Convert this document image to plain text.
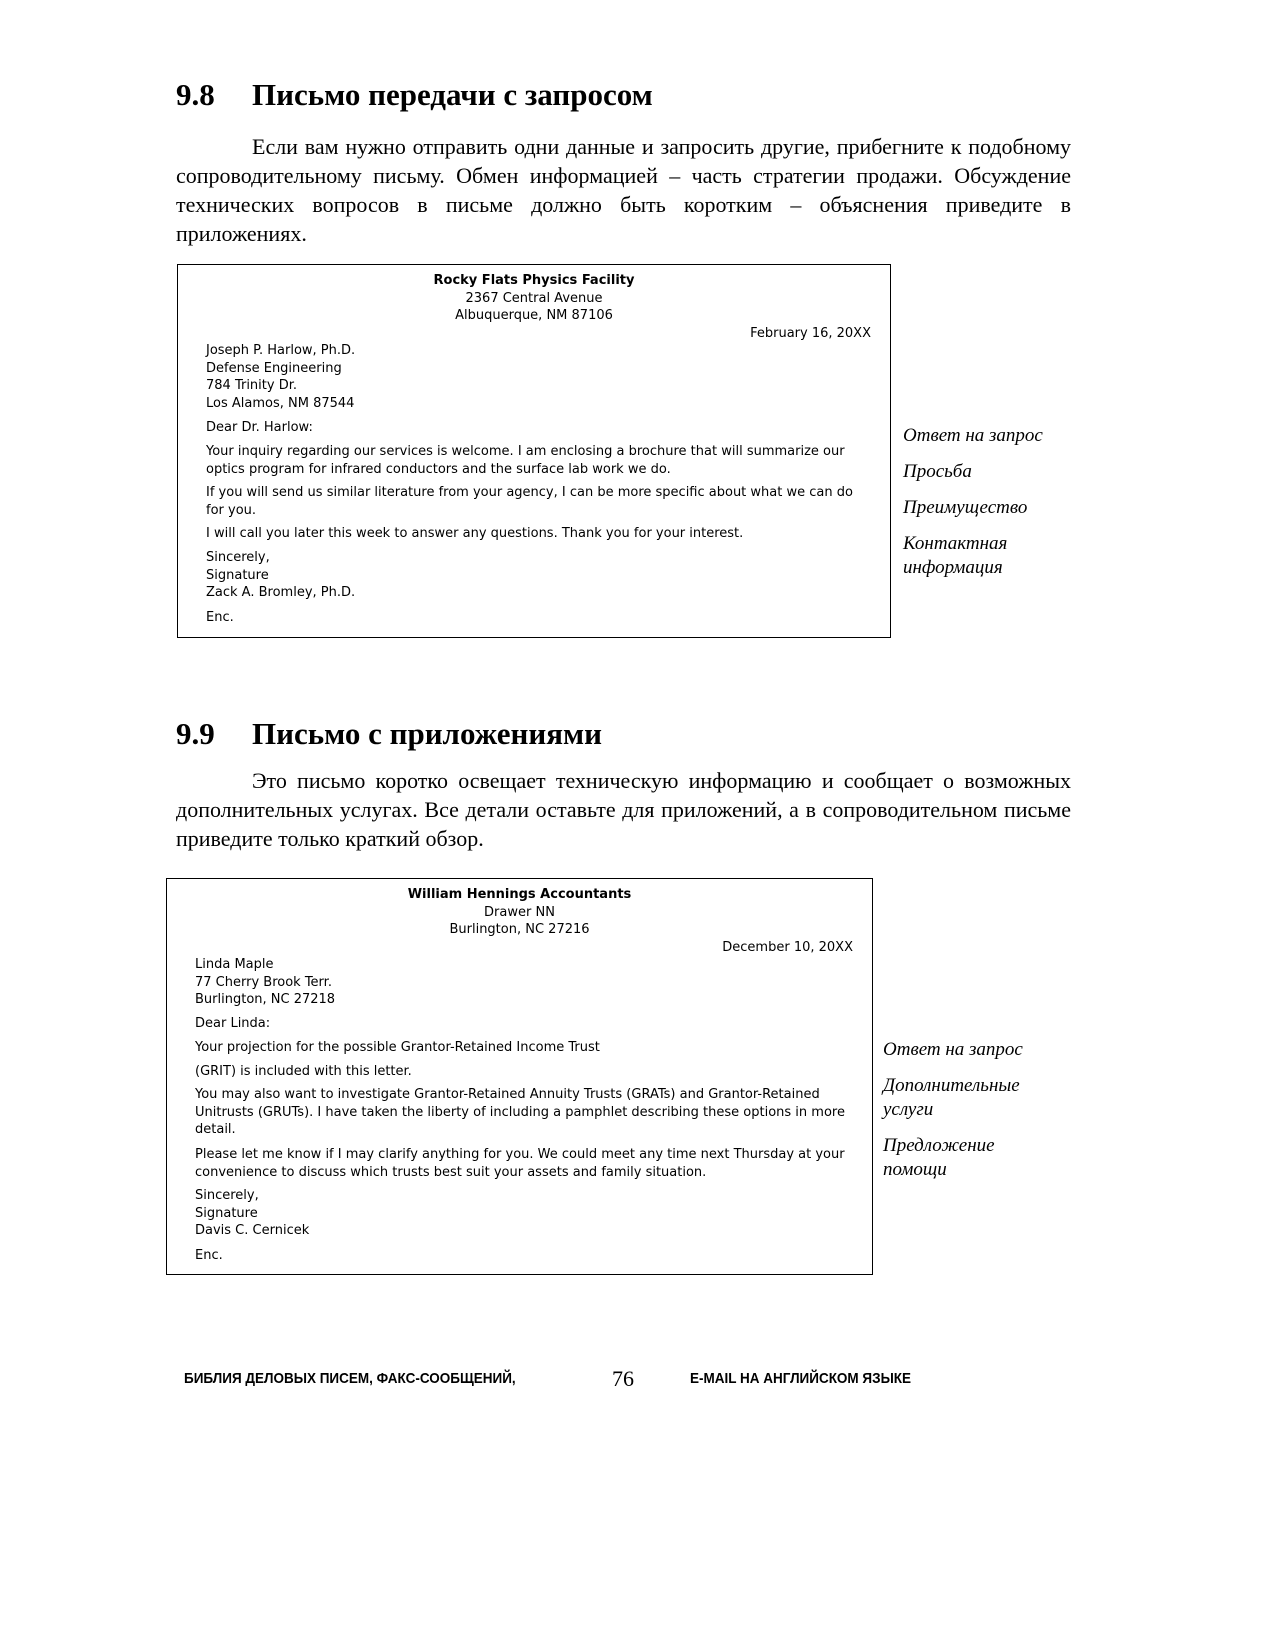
9.8 Письмо передачи с запросом

Если вам нужно отправить одни данные и запросить другие, прибегните к подобному сопроводительному письму. Обмен информацией – часть стратегии продажи. Обсуждение технических вопросов в письме должно быть коротким – объяснения приведите в приложениях.

Rocky Flats Physics Facility

2367 Central Avenue

Albuquerque, NM 87106

February 16, 20XX

Joseph P. Harlow, Ph.D.

Defense Engineering

784 Trinity Dr.

Los Alamos, NM 87544

Dear Dr. Harlow:

Your inquiry regarding our services is welcome. I am enclosing a brochure that will summarize our optics program for infrared conductors and the surface lab work we do.

If you will send us similar literature from your agency, I can be more specific about what we can do for you.

I will call you later this week to answer any questions. Thank you for your interest.

Sincerely,

Signature

Zack A. Bromley, Ph.D.

Enc.

Ответ на запрос

Просьба

Преимущество

Контактная информация

9.9 Письмо с приложениями

Это письмо коротко освещает техническую информацию и сообщает о возможных дополнительных услугах. Все детали оставьте для приложений, а в сопроводительном письме приведите только краткий обзор.

William Hennings Accountants

Drawer NN

Burlington, NC 27216

December 10, 20XX

Linda Maple

77 Cherry Brook Terr.

Burlington, NC 27218

Dear Linda:

Your projection for the possible Grantor-Retained Income Trust

(GRIT) is included with this letter.

You may also want to investigate Grantor-Retained Annuity Trusts (GRATs) and Grantor-Retained Unitrusts (GRUTs). I have taken the liberty of including a pamphlet describing these options in more detail.

Please let me know if I may clarify anything for you. We could meet any time next Thursday at your convenience to discuss which trusts best suit your assets and family situation.

Sincerely,

Signature

Davis C. Cernicek

Enc.

Ответ на запрос

Дополнительные услуги

Предложение помощи

БИБЛИЯ ДЕЛОВЫХ ПИСЕМ, ФАКС-СООБЩЕНИЙ,	76	E-MAIL НА АНГЛИЙСКОМ ЯЗЫКЕ
